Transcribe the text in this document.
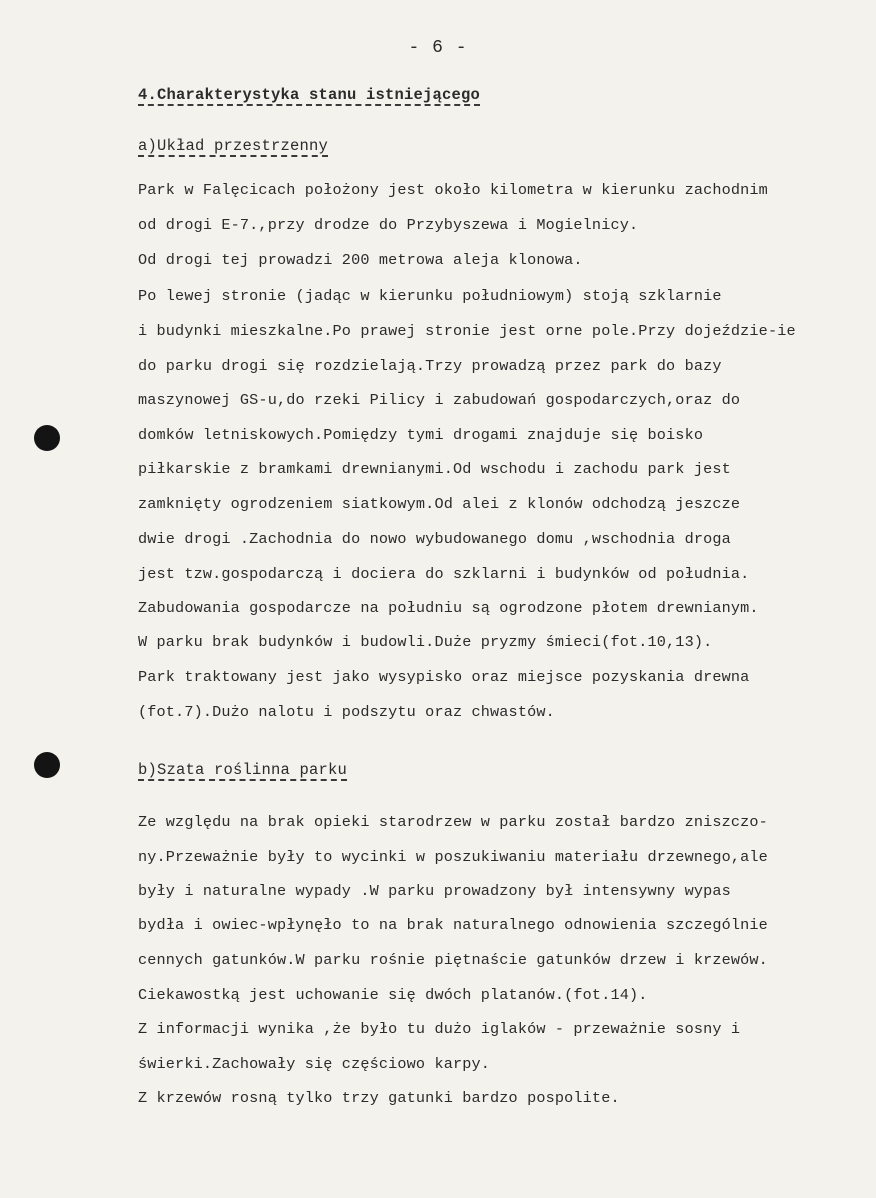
- 6 -
4.Charakterystyka stanu istniejącego
a)Układ przestrzenny
Park w Falęcicach położony jest około kilometra w kierunku zachodnim
od drogi E-7.,przy drodze do Przybyszewa i Mogielnicy.
Od drogi tej prowadzi 200 metrowa aleja klonowa.
Po lewej stronie (jadąc w kierunku południowym) stoją szklarnie
i budynki mieszkalne.Po prawej stronie jest orne pole.Przy dojeździe-ie
do parku drogi się rozdzielają.Trzy prowadzą przez park do bazy
maszynowej GS-u,do rzeki Pilicy i zabudowań gospodarczych,oraz do
domków letniskowych.Pomiędzy tymi drogami znajduje się boisko
piłkarskie z bramkami drewnianymi.Od wschodu i zachodu park jest
zamknięty ogrodzeniem siatkowym.Od alei z klonów odchodzą jeszcze
dwie drogi .Zachodnia do nowo wybudowanego domu ,wschodnia droga
jest tzw.gospodarczą i dociera do szklarni i budynków od południa.
Zabudowania gospodarcze na południu są ogrodzone płotem drewnianym.
W parku brak budynków i budowli.Duże pryzmy śmieci(fot.10,13).
Park traktowany jest jako wysypisko oraz miejsce pozyskania drewna
(fot.7).Dużo nalotu i podszytu oraz chwastów.
b)Szata roślinna parku
Ze względu na brak opieki starodrzew w parku został bardzo zniszczo-
ny.Przeważnie były to wycinki w poszukiwaniu materiału drzewnego,ale
były i naturalne wypady .W parku prowadzony był intensywny wypas
bydła i owiec-wpłynęło to na brak naturalnego odnowienia szczególnie
cennych gatunków.W parku rośnie piętnaście gatunków drzew i krzewów.
Ciekawostką jest uchowanie się dwóch platanów.(fot.14).
Z informacji wynika ,że było tu dużo iglaków - przeważnie sosny i
świerki.Zachowały się częściowo karpy.
Z krzewów rosną tylko trzy gatunki bardzo pospolite.
